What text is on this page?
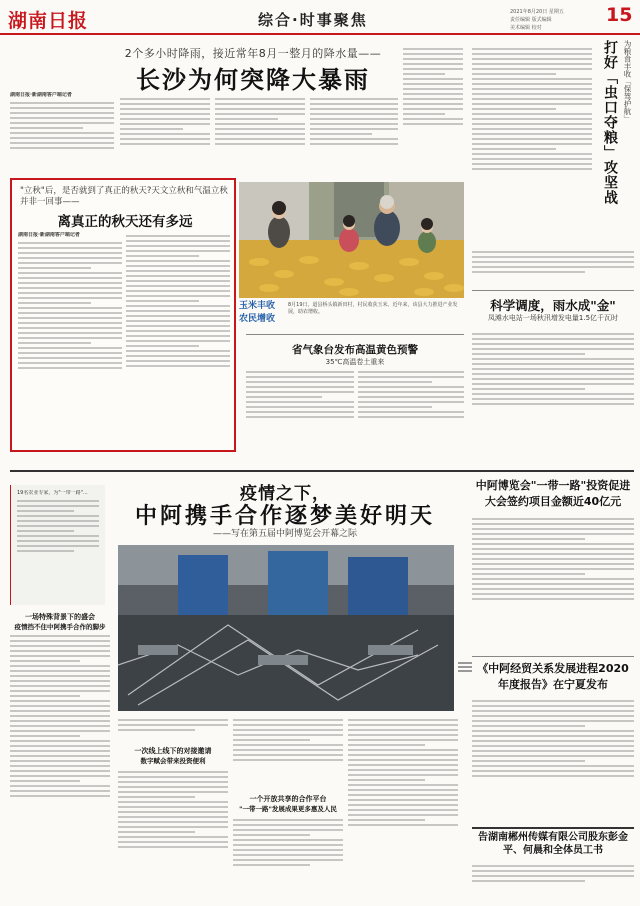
湖南日报	综合·时事聚焦	2021年8月20日 星期五
责任编辑 版式编辑
美术编辑 校对
15
2个多小时降雨，接近常年8月一整月的降水量——
长沙为何突降大暴雨
湖南日报·新湖南客户端记者
"立秋"后，是否就到了真正的秋天?天文立秋和气温立秋并非一回事——
离真正的秋天还有多远
湖南日报·新湖南客户端记者
玉米丰收 农民增收
8月19日，道县桥头镇新田村，村民收获玉米。近年来，该县大力推进产业发展，助农增收。
省气象台发布高温黄色预警
35℃高温卷土重来
为粮食丰收「保驾护航」
打好「虫口夺粮」攻坚战
科学调度，雨水成"金"
凤滩水电站一场秋汛增发电量1.5亿千瓦时
19名农业专家，为"一带一路"...	疫情之下，
中阿携手合作逐梦美好明天
——写在第五届中阿博览会开幕之际
一场特殊背景下的盛会
疫情挡不住中阿携手合作的脚步
一次线上线下的对接邀请
数字赋会带来投资便利
一个开放共享的合作平台
"一带一路"发展成果更多惠及人民
中阿博览会"一带一路"投资促进大会签约项目金额近40亿元
《中阿经贸关系发展进程2020年度报告》在宁夏发布
告湖南郴州传媒有限公司股东彭金平、何晨和全体员工书
